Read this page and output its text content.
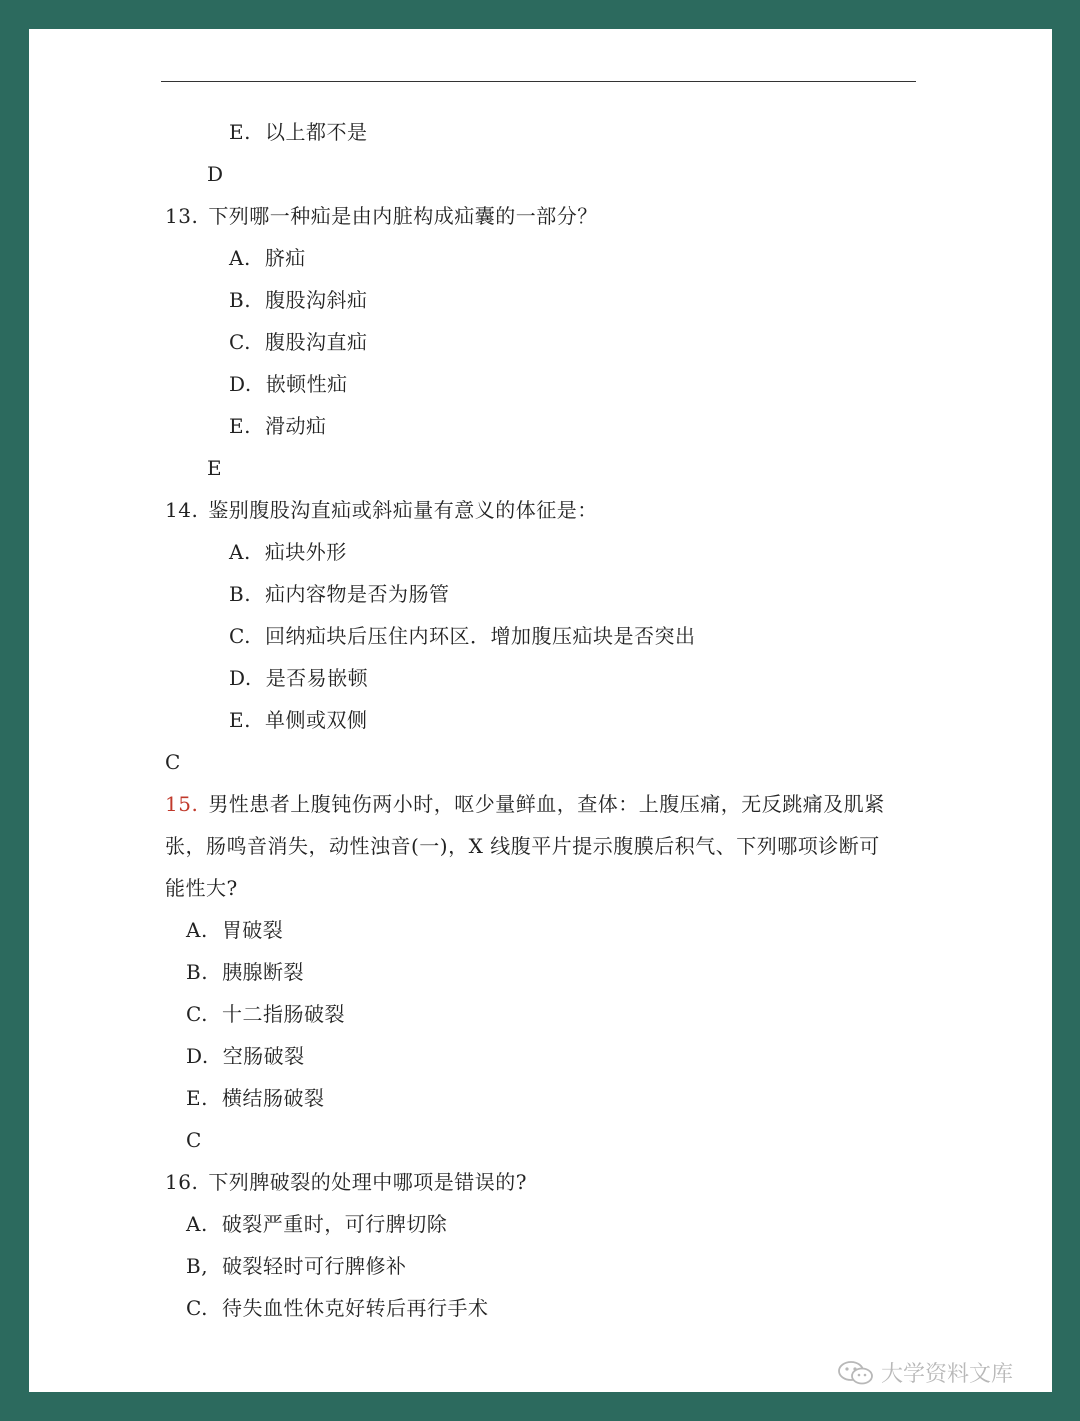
E. 以上都不是
D
13. 下列哪一种疝是由内脏构成疝囊的一部分？
A. 脐疝
B. 腹股沟斜疝
C. 腹股沟直疝
D. 嵌顿性疝
E. 滑动疝
E
14. 鉴别腹股沟直疝或斜疝量有意义的体征是：
A. 疝块外形
B. 疝内容物是否为肠管
C. 回纳疝块后压住内环区．增加腹压疝块是否突出
D. 是否易嵌顿
E. 单侧或双侧
C
15. 男性患者上腹钝伤两小时，呕少量鲜血，查体：上腹压痛，无反跳痛及肌紧
张，肠鸣音消失，动性浊音(一)，X 线腹平片提示腹膜后积气、下列哪项诊断可
能性大?
A. 胃破裂
B. 胰腺断裂
C. 十二指肠破裂
D. 空肠破裂
E. 横结肠破裂
C
16. 下列脾破裂的处理中哪项是错误的?
A. 破裂严重时，可行脾切除
B, 破裂轻时可行脾修补
C. 待失血性休克好转后再行手术
大学资料文库
